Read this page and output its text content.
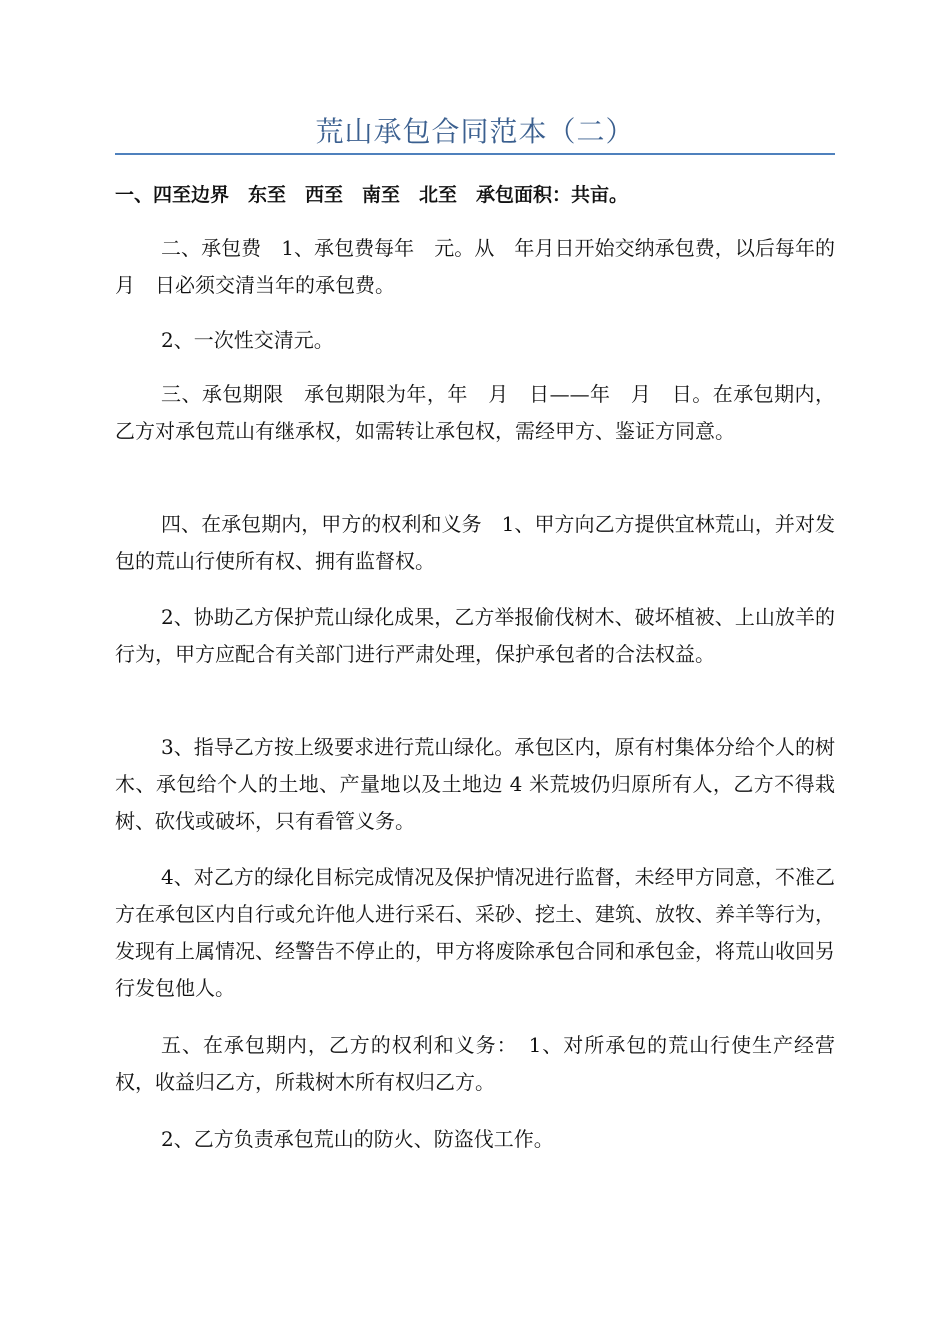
荒山承包合同范本（二）
一、四至边界　东至　西至　南至　北至　承包面积：共亩。
二、承包费　1、承包费每年　元。从　年月日开始交纳承包费，以后每年的　月　日必须交清当年的承包费。
2、一次性交清元。
三、承包期限　承包期限为年，年　月　日——年　月　日。在承包期内，乙方对承包荒山有继承权，如需转让承包权，需经甲方、鉴证方同意。
四、在承包期内，甲方的权利和义务　1、甲方向乙方提供宜林荒山，并对发包的荒山行使所有权、拥有监督权。
2、协助乙方保护荒山绿化成果，乙方举报偷伐树木、破坏植被、上山放羊的行为，甲方应配合有关部门进行严肃处理，保护承包者的合法权益。
3、指导乙方按上级要求进行荒山绿化。承包区内，原有村集体分给个人的树木、承包给个人的土地、产量地以及土地边 4 米荒坡仍归原所有人，乙方不得栽树、砍伐或破坏，只有看管义务。
4、对乙方的绿化目标完成情况及保护情况进行监督，未经甲方同意，不准乙方在承包区内自行或允许他人进行采石、采砂、挖土、建筑、放牧、养羊等行为，发现有上属情况、经警告不停止的，甲方将废除承包合同和承包金，将荒山收回另行发包他人。
五、在承包期内，乙方的权利和义务：　1、对所承包的荒山行使生产经营权，收益归乙方，所栽树木所有权归乙方。
2、乙方负责承包荒山的防火、防盗伐工作。
